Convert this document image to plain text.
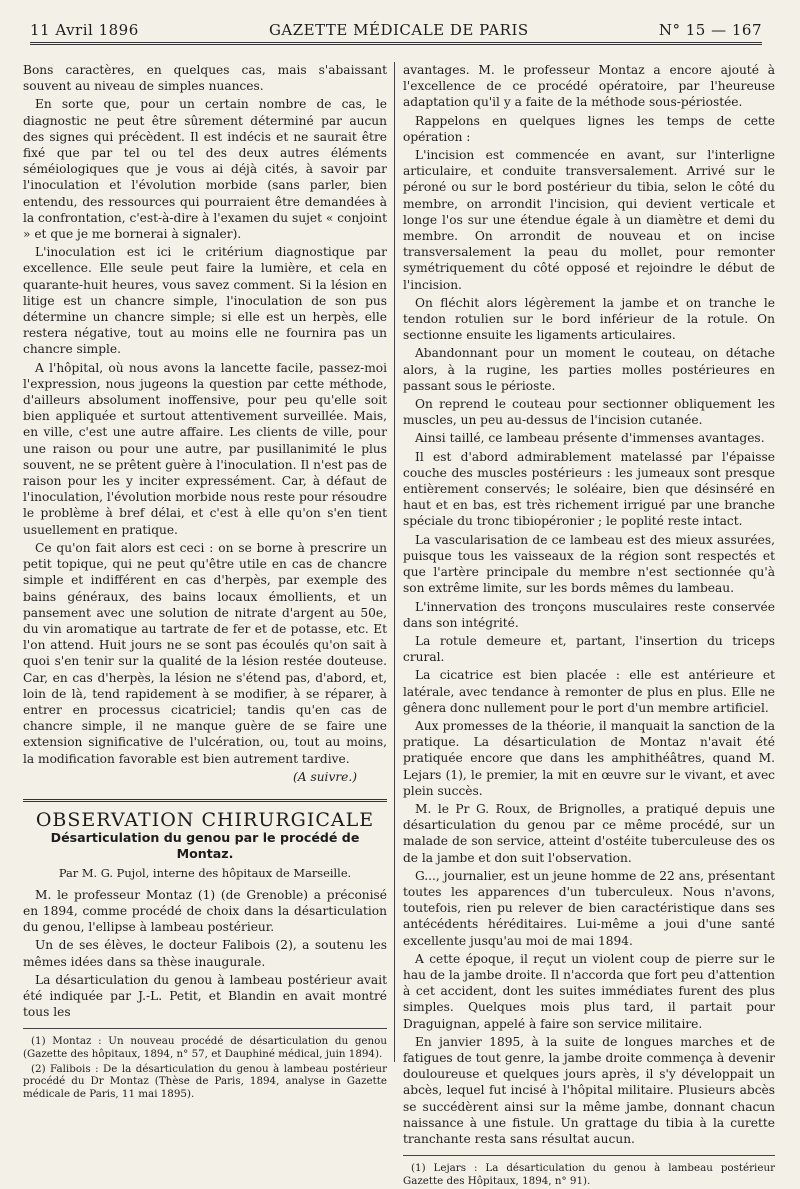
11 Avril 1896	GAZETTE MÉDICALE DE PARIS	N° 15 — 167

Bons caractères, en quelques cas, mais s'abaissant souvent au niveau de simples nuances.

En sorte que, pour un certain nombre de cas, le diagnostic ne peut être sûrement déterminé par aucun des signes qui précèdent. Il est indécis et ne saurait être fixé que par tel ou tel des deux autres éléments séméiologiques que je vous ai déjà cités, à savoir par l'inoculation et l'évolution morbide (sans parler, bien entendu, des ressources qui pourraient être demandées à la confrontation, c'est-à-dire à l'examen du sujet « conjoint » et que je me bornerai à signaler).

L'inoculation est ici le critérium diagnostique par excellence. Elle seule peut faire la lumière, et cela en quarante-huit heures, vous savez comment. Si la lésion en litige est un chancre simple, l'inoculation de son pus détermine un chancre simple; si elle est un herpès, elle restera négative, tout au moins elle ne fournira pas un chancre simple.

A l'hôpital, où nous avons la lancette facile, passez-moi l'expression, nous jugeons la question par cette méthode, d'ailleurs absolument inoffensive, pour peu qu'elle soit bien appliquée et surtout attentivement surveillée. Mais, en ville, c'est une autre affaire. Les clients de ville, pour une raison ou pour une autre, par pusillanimité le plus souvent, ne se prêtent guère à l'inoculation. Il n'est pas de raison pour les y inciter expressément. Car, à défaut de l'inoculation, l'évolution morbide nous reste pour résoudre le problème à bref délai, et c'est à elle qu'on s'en tient usuellement en pratique.

Ce qu'on fait alors est ceci : on se borne à prescrire un petit topique, qui ne peut qu'être utile en cas de chancre simple et indifférent en cas d'herpès, par exemple des bains généraux, des bains locaux émollients, et un pansement avec une solution de nitrate d'argent au 50e, du vin aromatique au tartrate de fer et de potasse, etc. Et l'on attend. Huit jours ne se sont pas écoulés qu'on sait à quoi s'en tenir sur la qualité de la lésion restée douteuse. Car, en cas d'herpès, la lésion ne s'étend pas, d'abord, et, loin de là, tend rapidement à se modifier, à se réparer, à entrer en processus cicatriciel; tandis qu'en cas de chancre simple, il ne manque guère de se faire une extension significative de l'ulcération, ou, tout au moins, la modification favorable est bien autrement tardive.

(A suivre.)

OBSERVATION CHIRURGICALE

Désarticulation du genou par le procédé de Montaz.

Par M. G. Pujol, interne des hôpitaux de Marseille.

M. le professeur Montaz (1) (de Grenoble) a préconisé en 1894, comme procédé de choix dans la désarticulation du genou, l'ellipse à lambeau postérieur.

Un de ses élèves, le docteur Falibois (2), a soutenu les mêmes idées dans sa thèse inaugurale.

La désarticulation du genou à lambeau postérieur avait été indiquée par J.-L. Petit, et Blandin en avait montré tous les

(1) Montaz : Un nouveau procédé de désarticulation du genou (Gazette des hôpitaux, 1894, n° 57, et Dauphiné médical, juin 1894).

(2) Falibois : De la désarticulation du genou à lambeau postérieur procédé du Dr Montaz (Thèse de Paris, 1894, analyse in Gazette médicale de Paris, 11 mai 1895).

avantages. M. le professeur Montaz a encore ajouté à l'excellence de ce procédé opératoire, par l'heureuse adaptation qu'il y a faite de la méthode sous-périostée.

Rappelons en quelques lignes les temps de cette opération :

L'incision est commencée en avant, sur l'interligne articulaire, et conduite transversalement. Arrivé sur le péroné ou sur le bord postérieur du tibia, selon le côté du membre, on arrondit l'incision, qui devient verticale et longe l'os sur une étendue égale à un diamètre et demi du membre. On arrondit de nouveau et on incise transversalement la peau du mollet, pour remonter symétriquement du côté opposé et rejoindre le début de l'incision.

On fléchit alors légèrement la jambe et on tranche le tendon rotulien sur le bord inférieur de la rotule. On sectionne ensuite les ligaments articulaires.

Abandonnant pour un moment le couteau, on détache alors, à la rugine, les parties molles postérieures en passant sous le périoste.

On reprend le couteau pour sectionner obliquement les muscles, un peu au-dessus de l'incision cutanée.

Ainsi taillé, ce lambeau présente d'immenses avantages.

Il est d'abord admirablement matelassé par l'épaisse couche des muscles postérieurs : les jumeaux sont presque entièrement conservés; le soléaire, bien que désinséré en haut et en bas, est très richement irrigué par une branche spéciale du tronc tibiopéronier ; le poplité reste intact.

La vascularisation de ce lambeau est des mieux assurées, puisque tous les vaisseaux de la région sont respectés et que l'artère principale du membre n'est sectionnée qu'à son extrême limite, sur les bords mêmes du lambeau.

L'innervation des tronçons musculaires reste conservée dans son intégrité.

La rotule demeure et, partant, l'insertion du triceps crural.

La cicatrice est bien placée : elle est antérieure et latérale, avec tendance à remonter de plus en plus. Elle ne gênera donc nullement pour le port d'un membre artificiel.

Aux promesses de la théorie, il manquait la sanction de la pratique. La désarticulation de Montaz n'avait été pratiquée encore que dans les amphithéâtres, quand M. Lejars (1), le premier, la mit en œuvre sur le vivant, et avec plein succès.

M. le Pr G. Roux, de Brignolles, a pratiqué depuis une désarticulation du genou par ce même procédé, sur un malade de son service, atteint d'ostéite tuberculeuse des os de la jambe et don suit l'observation.

G..., journalier, est un jeune homme de 22 ans, présentant toutes les apparences d'un tuberculeux. Nous n'avons, toutefois, rien pu relever de bien caractéristique dans ses antécédents héréditaires. Lui-même a joui d'une santé excellente jusqu'au moi de mai 1894.

A cette époque, il reçut un violent coup de pierre sur le hau de la jambe droite. Il n'accorda que fort peu d'attention à cet accident, dont les suites immédiates furent des plus simples. Quelques mois plus tard, il partait pour Draguignan, appelé à faire son service militaire.

En janvier 1895, à la suite de longues marches et de fatigues de tout genre, la jambe droite commença à devenir douloureuse et quelques jours après, il s'y développait un abcès, lequel fut incisé à l'hôpital militaire. Plusieurs abcès se succédèrent ainsi sur la même jambe, donnant chacun naissance à une fistule. Un grattage du tibia à la curette tranchante resta sans résultat aucun.

(1) Lejars : La désarticulation du genou à lambeau postérieur Gazette des Hôpitaux, 1894, n° 91).
